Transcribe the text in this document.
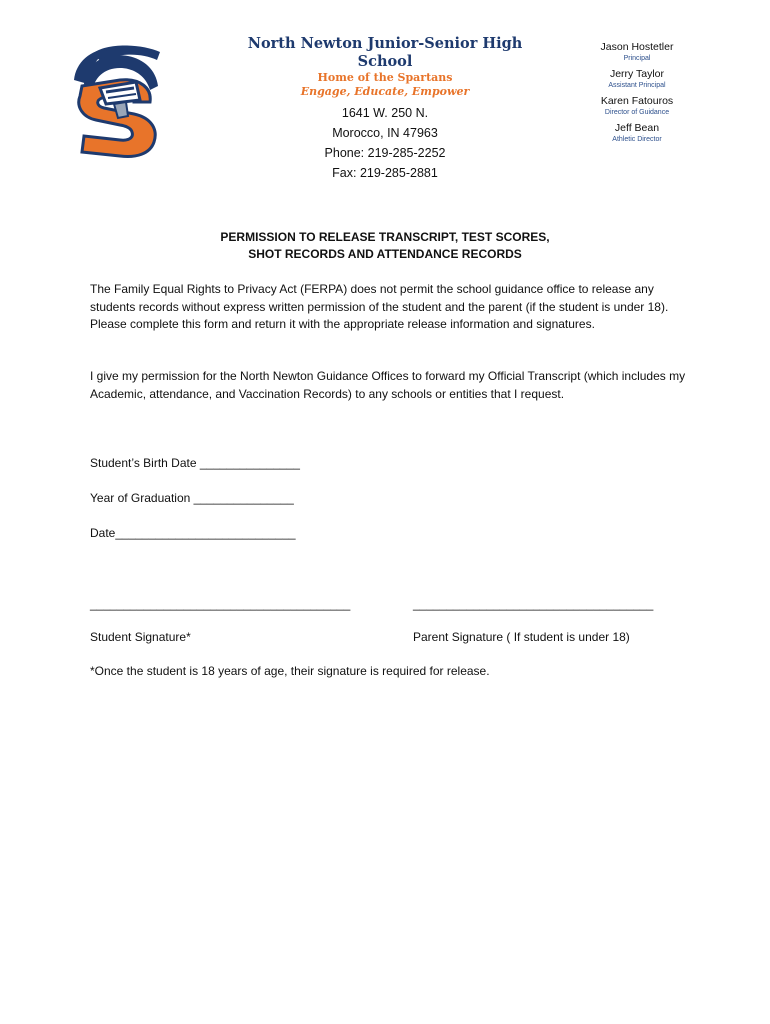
North Newton Junior-Senior High School
Home of the Spartans
Engage, Educate, Empower
1641 W. 250 N.
Morocco, IN 47963
Phone: 219-285-2252
Fax: 219-285-2881
Jason Hostetler
Principal
Jerry Taylor
Assistant Principal
Karen Fatouros
Director of Guidance
Jeff Bean
Athletic Director
PERMISSION TO RELEASE TRANSCRIPT, TEST SCORES,
SHOT RECORDS AND ATTENDANCE RECORDS
The Family Equal Rights to Privacy Act (FERPA) does not permit the school guidance office to release any students records without express written permission of the student and the parent (if the student is under 18). Please complete this form and return it with the appropriate release information and signatures.
I give my permission for the North Newton Guidance Offices to forward my Official Transcript (which includes my Academic, attendance, and Vaccination Records) to any schools or entities that I request.
Student’s Birth Date _______________
Year of Graduation _______________
Date___________________________
_______________________________________	____________________________________
Student Signature*	Parent Signature ( If student is under 18)
*Once the student is 18 years of age, their signature is required for release.
